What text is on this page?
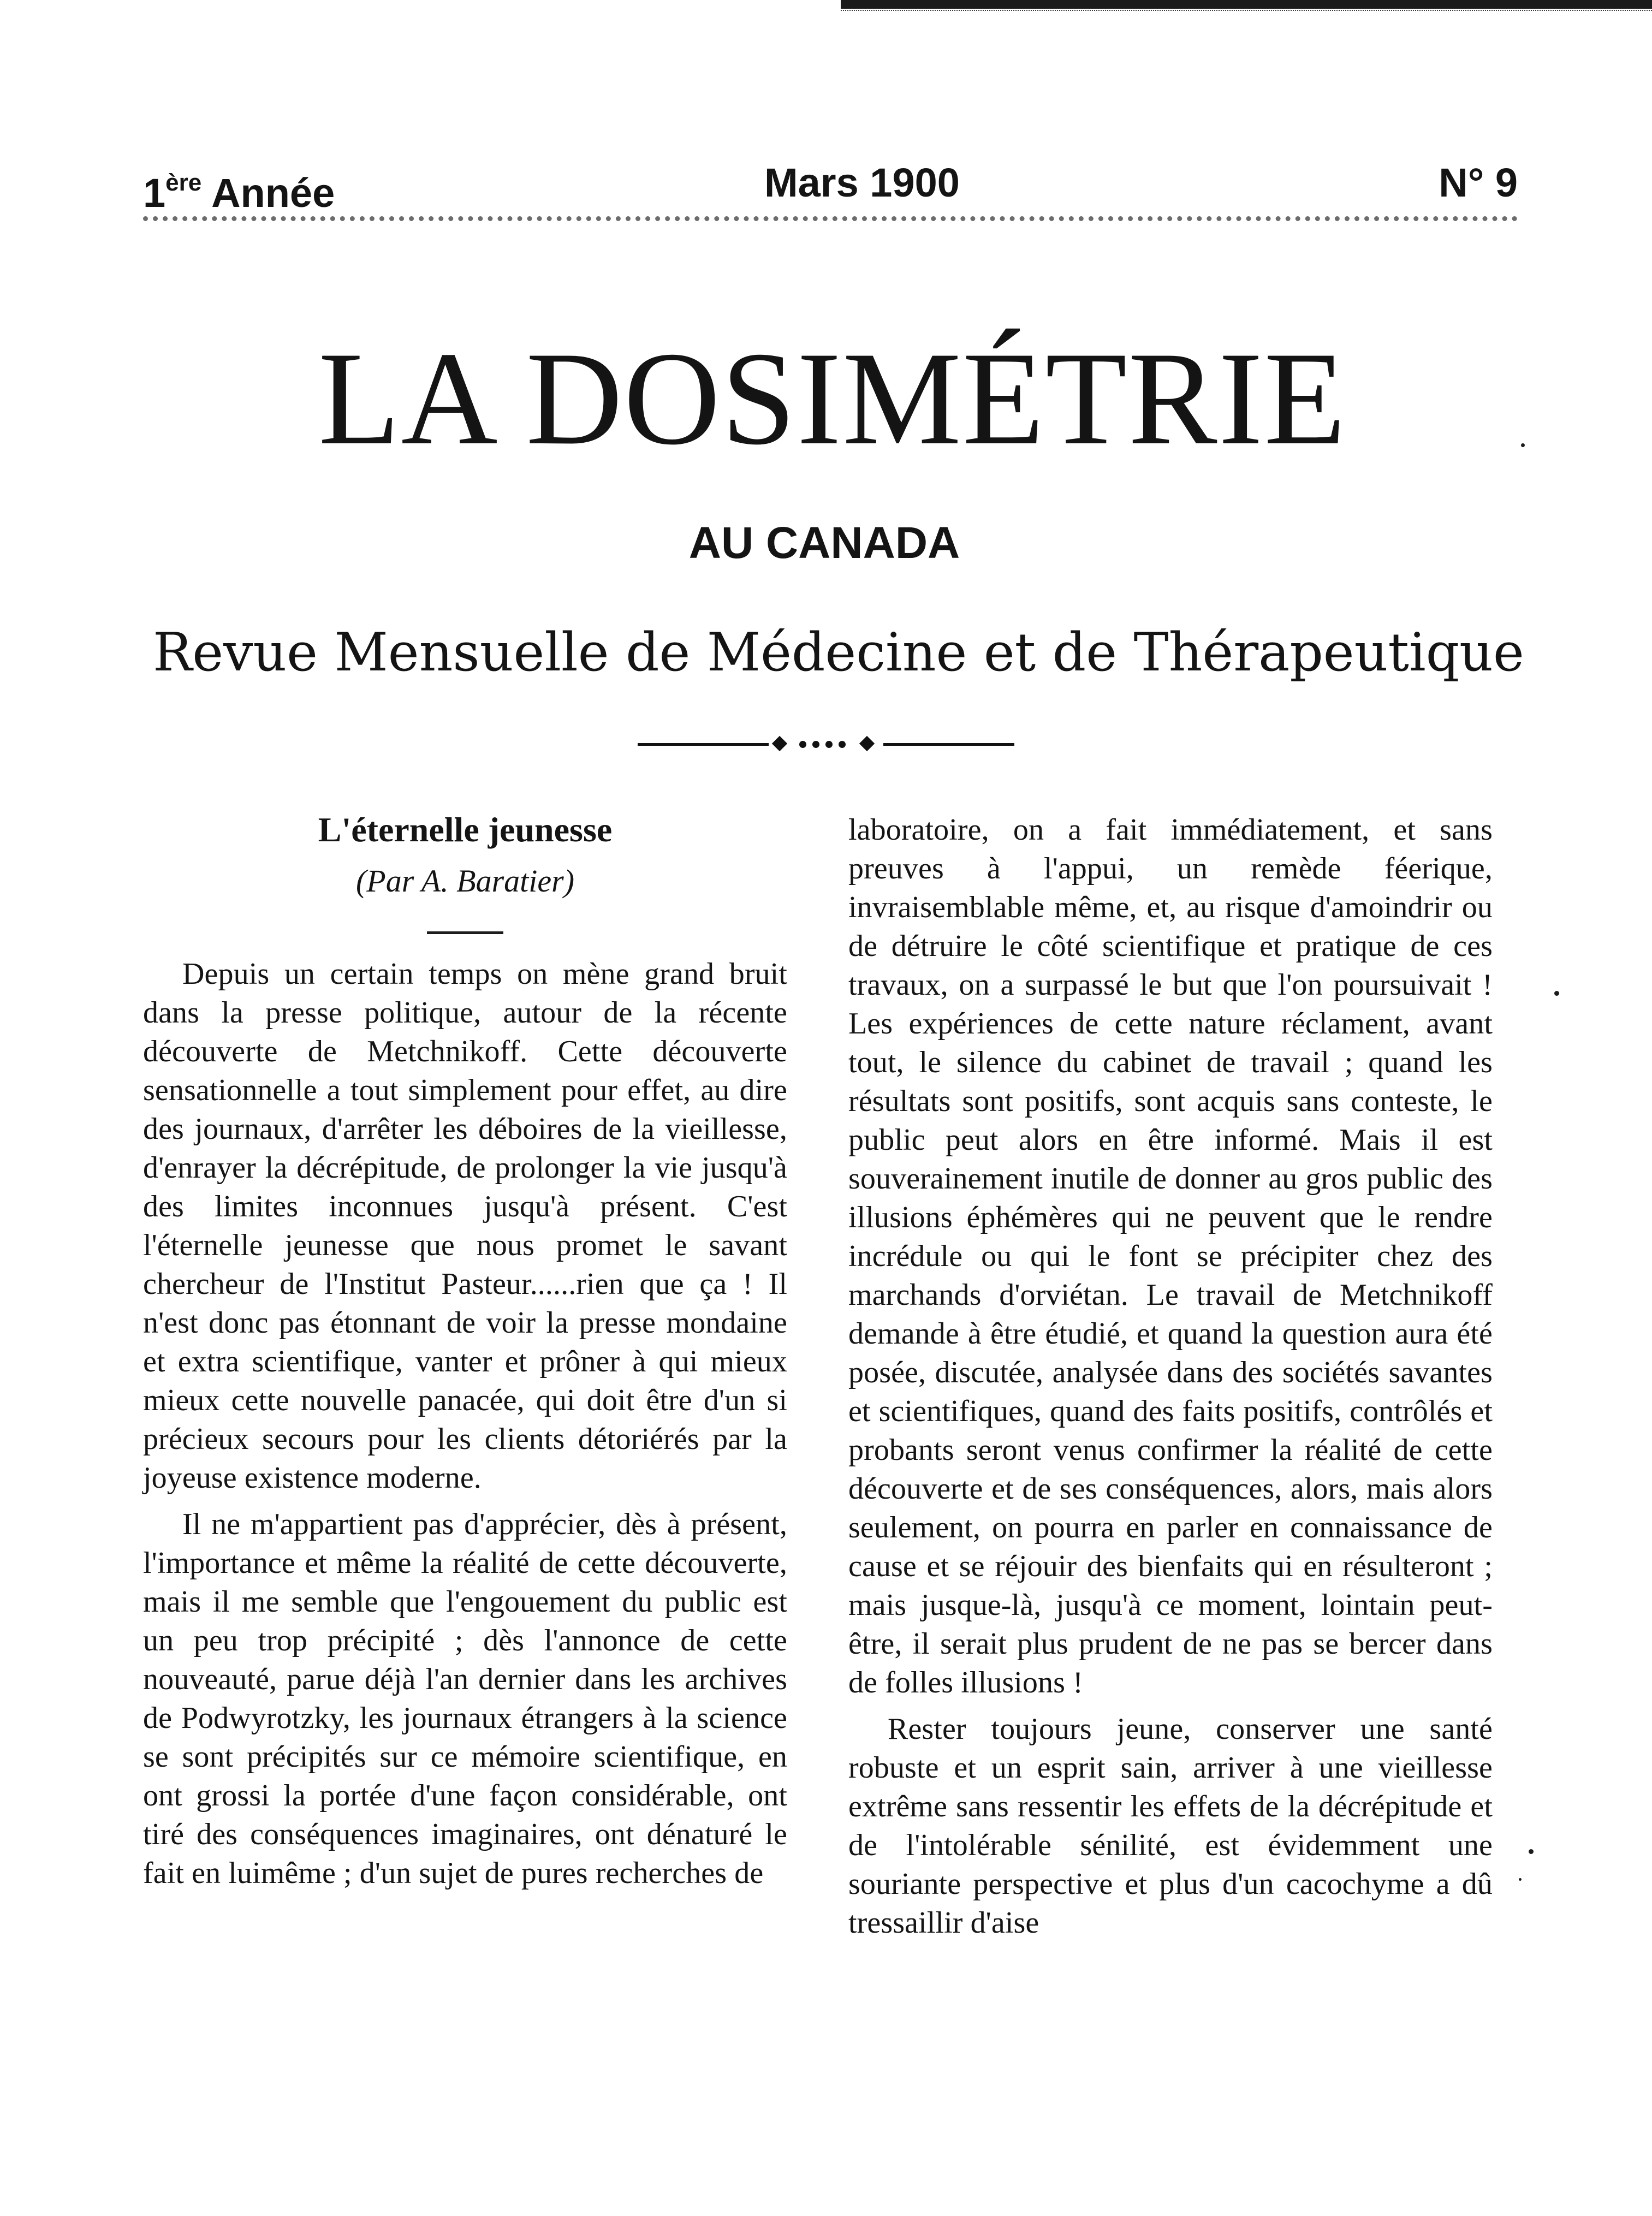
1ère Année	Mars 1900	N° 9
LA DOSIMÉTRIE
AU CANADA
Revue Mensuelle de Médecine et de Thérapeutique
L'éternelle jeunesse
(Par A. Baratier)

Depuis un certain temps on mène grand bruit dans la presse politique, autour de la récente découverte de Metchnikoff. Cette découverte sensationnelle a tout simplement pour effet, au dire des journaux, d'arrêter les déboires de la vieillesse, d'enrayer la décrépitude, de prolonger la vie jusqu'à des limites inconnues jusqu'à présent. C'est l'éternelle jeunesse que nous promet le savant chercheur de l'Institut Pasteur......rien que ça ! Il n'est donc pas étonnant de voir la presse mondaine et extra scientifique, vanter et prôner à qui mieux mieux cette nouvelle panacée, qui doit être d'un si précieux secours pour les clients détoriérés par la joyeuse existence moderne.

Il ne m'appartient pas d'apprécier, dès à présent, l'importance et même la réalité de cette découverte, mais il me semble que l'engouement du public est un peu trop précipité ; dès l'annonce de cette nouveauté, parue déjà l'an dernier dans les archives de Podwyrotzky, les journaux étrangers à la science se sont précipités sur ce mémoire scientifique, en ont grossi la portée d'une façon considérable, ont tiré des conséquences imaginaires, ont dénaturé le fait en luimême ; d'un sujet de pures recherches de

laboratoire, on a fait immédiatement, et sans preuves à l'appui, un remède féerique, invraisemblable même, et, au risque d'amoindrir ou de détruire le côté scientifique et pratique de ces travaux, on a surpassé le but que l'on poursuivait ! Les expériences de cette nature réclament, avant tout, le silence du cabinet de travail ; quand les résultats sont positifs, sont acquis sans conteste, le public peut alors en être informé. Mais il est souverainement inutile de donner au gros public des illusions éphémères qui ne peuvent que le rendre incrédule ou qui le font se précipiter chez des marchands d'orviétan. Le travail de Metchnikoff demande à être étudié, et quand la question aura été posée, discutée, analysée dans des sociétés savantes et scientifiques, quand des faits positifs, contrôlés et probants seront venus confirmer la réalité de cette découverte et de ses conséquences, alors, mais alors seulement, on pourra en parler en connaissance de cause et se réjouir des bienfaits qui en résulteront ; mais jusque-là, jusqu'à ce moment, lointain peut-être, il serait plus prudent de ne pas se bercer dans de folles illusions !

Rester toujours jeune, conserver une santé robuste et un esprit sain, arriver à une vieillesse extrême sans ressentir les effets de la décrépitude et de l'intolérable sénilité, est évidemment une souriante perspective et plus d'un cacochyme a dû tressaillir d'aise
